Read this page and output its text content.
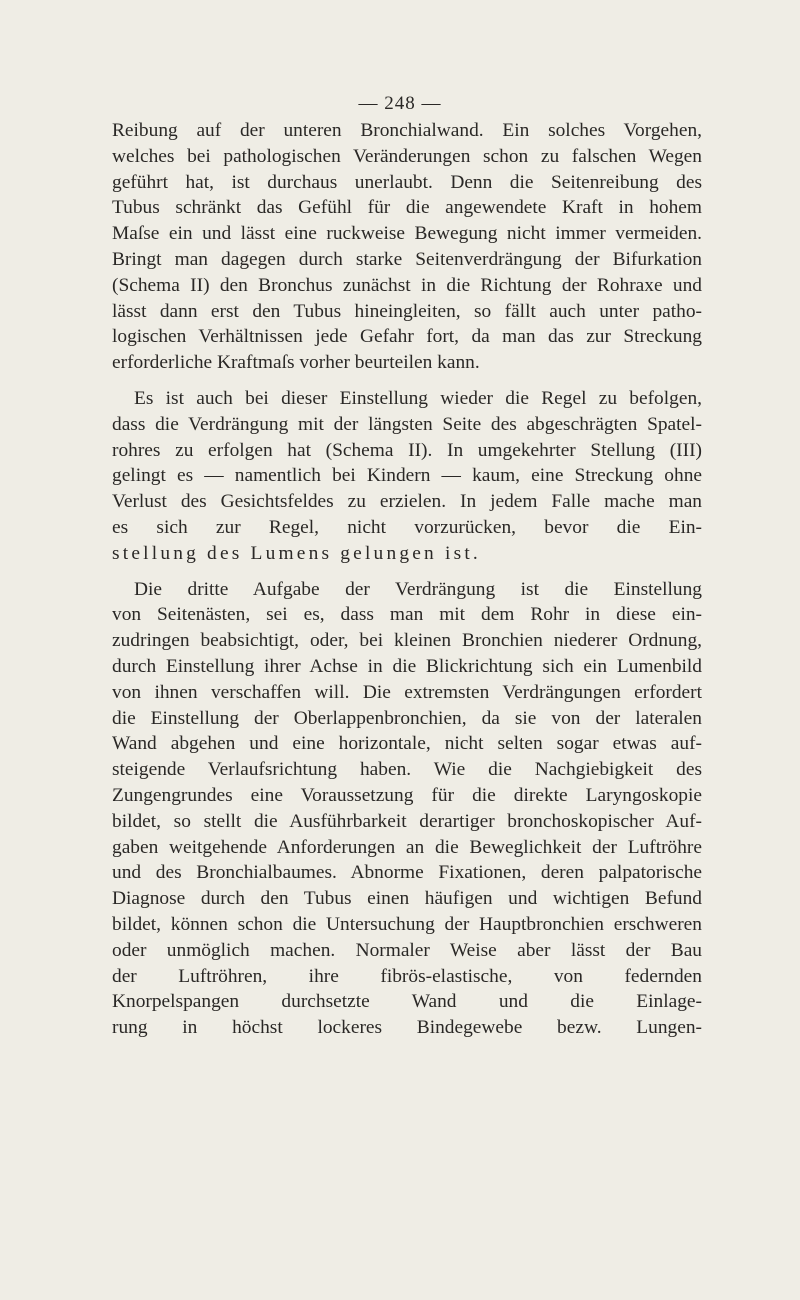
— 248 —
Reibung auf der unteren Bronchialwand. Ein solches Vorgehen,
welches bei pathologischen Veränderungen schon zu falschen Wegen
geführt hat, ist durchaus unerlaubt. Denn die Seitenreibung des
Tubus schränkt das Gefühl für die angewendete Kraft in hohem
Maſse ein und lässt eine ruckweise Bewegung nicht immer vermeiden.
Bringt man dagegen durch starke Seitenverdrängung der Bifurkation
(Schema II) den Bronchus zunächst in die Richtung der Rohraxe und
lässt dann erst den Tubus hineingleiten, so fällt auch unter patho-
logischen Verhältnissen jede Gefahr fort, da man das zur Streckung
erforderliche Kraftmaſs vorher beurteilen kann.
Es ist auch bei dieser Einstellung wieder die Regel zu befolgen,
dass die Verdrängung mit der längsten Seite des abgeschrägten Spatel-
rohres zu erfolgen hat (Schema II). In umgekehrter Stellung (III)
gelingt es — namentlich bei Kindern — kaum, eine Streckung ohne
Verlust des Gesichtsfeldes zu erzielen. In jedem Falle mache man
es sich zur Regel, nicht vorzurücken, bevor die Ein-
stellung des Lumens gelungen ist.
Die dritte Aufgabe der Verdrängung ist die Einstellung
von Seitenästen, sei es, dass man mit dem Rohr in diese ein-
zudringen beabsichtigt, oder, bei kleinen Bronchien niederer Ordnung,
durch Einstellung ihrer Achse in die Blickrichtung sich ein Lumenbild
von ihnen verschaffen will. Die extremsten Verdrängungen erfordert
die Einstellung der Oberlappenbronchien, da sie von der lateralen
Wand abgehen und eine horizontale, nicht selten sogar etwas auf-
steigende Verlaufsrichtung haben. Wie die Nachgiebigkeit des
Zungengrundes eine Voraussetzung für die direkte Laryngoskopie
bildet, so stellt die Ausführbarkeit derartiger bronchoskopischer Auf-
gaben weitgehende Anforderungen an die Beweglichkeit der Luftröhre
und des Bronchialbaumes. Abnorme Fixationen, deren palpatorische
Diagnose durch den Tubus einen häufigen und wichtigen Befund
bildet, können schon die Untersuchung der Hauptbronchien erschweren
oder unmöglich machen. Normaler Weise aber lässt der Bau
der Luftröhren, ihre fibrös-elastische, von federnden
Knorpelspangen durchsetzte Wand und die Einlage-
rung in höchst lockeres Bindegewebe bezw. Lungen-
